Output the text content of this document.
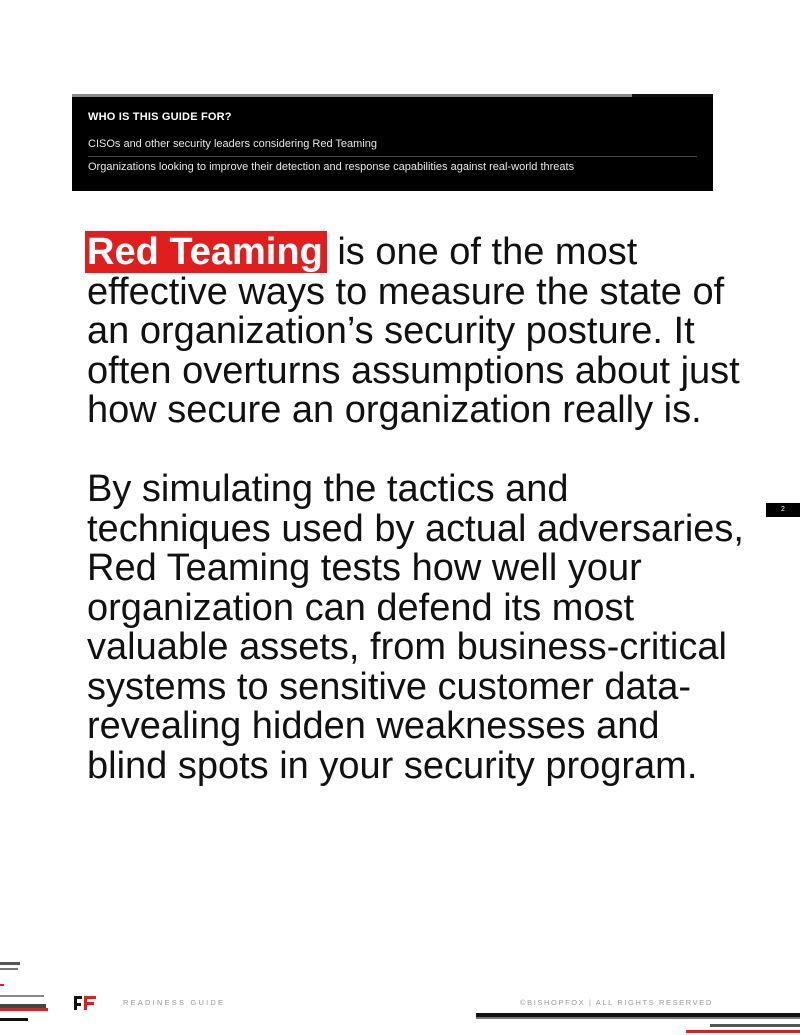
WHO IS THIS GUIDE FOR?
CISOs and other security leaders considering Red Teaming
Organizations looking to improve their detection and response capabilities against real-world threats

Red Teaming is one of the most effective ways to measure the state of an organization’s security posture. It often overturns assumptions about just how secure an organization really is.

By simulating the tactics and techniques used by actual adversaries, Red Teaming tests how well your organization can defend its most valuable assets, from business-critical systems to sensitive customer data-revealing hidden weaknesses and blind spots in your security program.

2
READINESS GUIDE	©BISHOPFOX | ALL RIGHTS RESERVED
